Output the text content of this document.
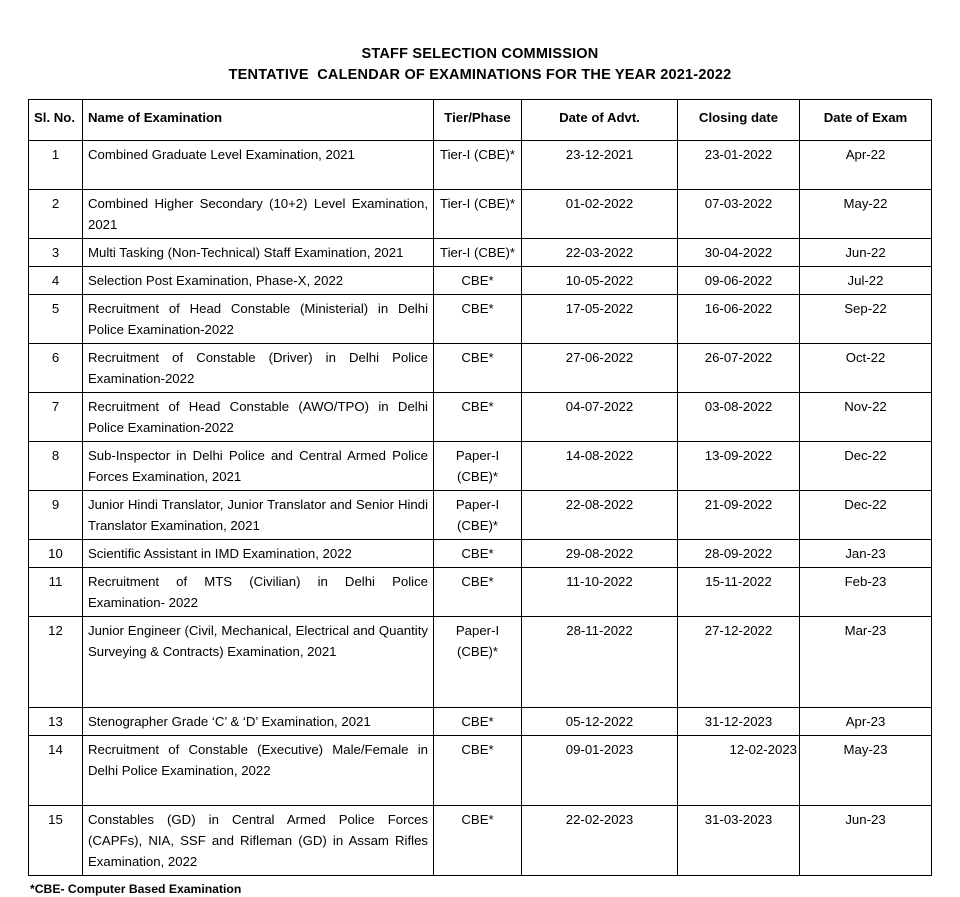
STAFF SELECTION COMMISSION
TENTATIVE  CALENDAR OF EXAMINATIONS FOR THE YEAR 2021-2022
Sl. No.	Name of Examination	Tier/Phase	Date of Advt.	Closing date	Date of Exam

1	Combined Graduate Level Examination, 2021	Tier-I (CBE)*	23-12-2021	23-01-2022	Apr-22

2	Combined Higher Secondary (10+2) Level Examination, 2021	Tier-I (CBE)*	01-02-2022	07-03-2022	May-22

3	Multi Tasking (Non-Technical) Staff Examination, 2021	Tier-I (CBE)*	22-03-2022	30-04-2022	Jun-22

4	Selection Post Examination, Phase-X, 2022	CBE*	10-05-2022	09-06-2022	Jul-22

5	Recruitment of Head Constable (Ministerial) in Delhi Police Examination-2022	CBE*	17-05-2022	16-06-2022	Sep-22

6	Recruitment of Constable (Driver) in Delhi Police Examination-2022	CBE*	27-06-2022	26-07-2022	Oct-22

7	Recruitment of Head Constable (AWO/TPO) in Delhi Police Examination-2022	CBE*	04-07-2022	03-08-2022	Nov-22

8	Sub-Inspector in Delhi Police and Central Armed Police Forces Examination, 2021	Paper-I (CBE)*	14-08-2022	13-09-2022	Dec-22

9	Junior Hindi Translator, Junior Translator and Senior Hindi Translator Examination, 2021	Paper-I (CBE)*	22-08-2022	21-09-2022	Dec-22

10	Scientific Assistant in IMD Examination, 2022	CBE*	29-08-2022	28-09-2022	Jan-23

11	Recruitment of MTS (Civilian) in Delhi Police Examination- 2022	CBE*	11-10-2022	15-11-2022	Feb-23

12	Junior Engineer (Civil, Mechanical, Electrical and Quantity Surveying & Contracts) Examination, 2021	Paper-I (CBE)*	28-11-2022	27-12-2022	Mar-23

13	Stenographer Grade ‘C’ & ‘D’ Examination, 2021	CBE*	05-12-2022	31-12-2023	Apr-23

14	Recruitment of Constable (Executive) Male/Female in Delhi Police Examination, 2022	CBE*	09-01-2023	12-02-2023	May-23

15	Constables (GD) in Central Armed Police Forces (CAPFs), NIA, SSF and Rifleman (GD) in Assam Rifles Examination, 2022	CBE*	22-02-2023	31-03-2023	Jun-23
*CBE- Computer Based Examination
